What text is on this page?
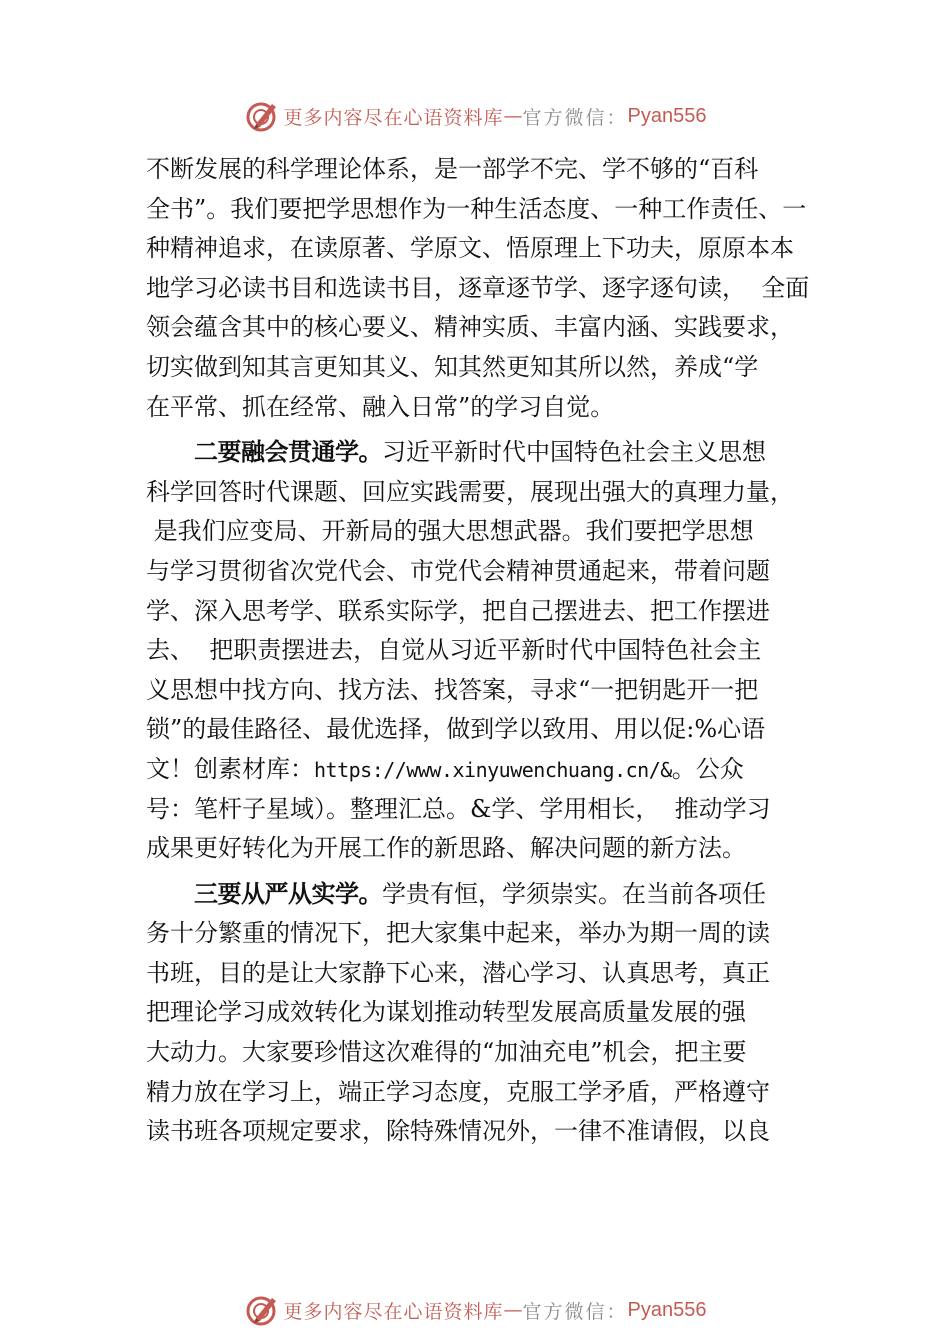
更多内容尽在心语资料库 — 官方微信： Pyan556
不断发展的科学理论体系，是一部学不完、学不够的“百科
全书”。我们要把学思想作为一种生活态度、一种工作责任、一
种精神追求，在读原著、学原文、悟原理上下功夫，原原本本
地学习必读书目和选读书目，逐章逐节学、逐字逐句读，  全面
领会蕴含其中的核心要义、精神实质、丰富内涵、实践要求，
切实做到知其言更知其义、知其然更知其所以然，养成“学
在平常、抓在经常、融入日常”的学习自觉。
二要融会贯通学。习近平新时代中国特色社会主义思想
科学回答时代课题、回应实践需要，展现出强大的真理力量，
是我们应变局、开新局的强大思想武器。我们要把学思想
与学习贯彻省次党代会、市党代会精神贯通起来，带着问题
学、深入思考学、联系实际学，把自己摆进去、把工作摆进
去、  把职责摆进去，自觉从习近平新时代中国特色社会主
义思想中找方向、找方法、找答案，寻求“一把钥匙开一把
锁”的最佳路径、最优选择，做到学以致用、用以促:%心语
文！创素材库：https://www.xinyuwenchuang.cn/&。公众
号：笔杆子星域）。整理汇总。&学、学用相长，  推动学习
成果更好转化为开展工作的新思路、解决问题的新方法。
三要从严从实学。学贵有恒，学须崇实。在当前各项任
务十分繁重的情况下，把大家集中起来，举办为期一周的读
书班，目的是让大家静下心来，潜心学习、认真思考，真正
把理论学习成效转化为谋划推动转型发展高质量发展的强
大动力。大家要珍惜这次难得的“加油充电”机会，把主要
精力放在学习上，端正学习态度，克服工学矛盾，严格遵守
读书班各项规定要求，除特殊情况外，一律不准请假，以良
更多内容尽在心语资料库 — 官方微信： Pyan556
